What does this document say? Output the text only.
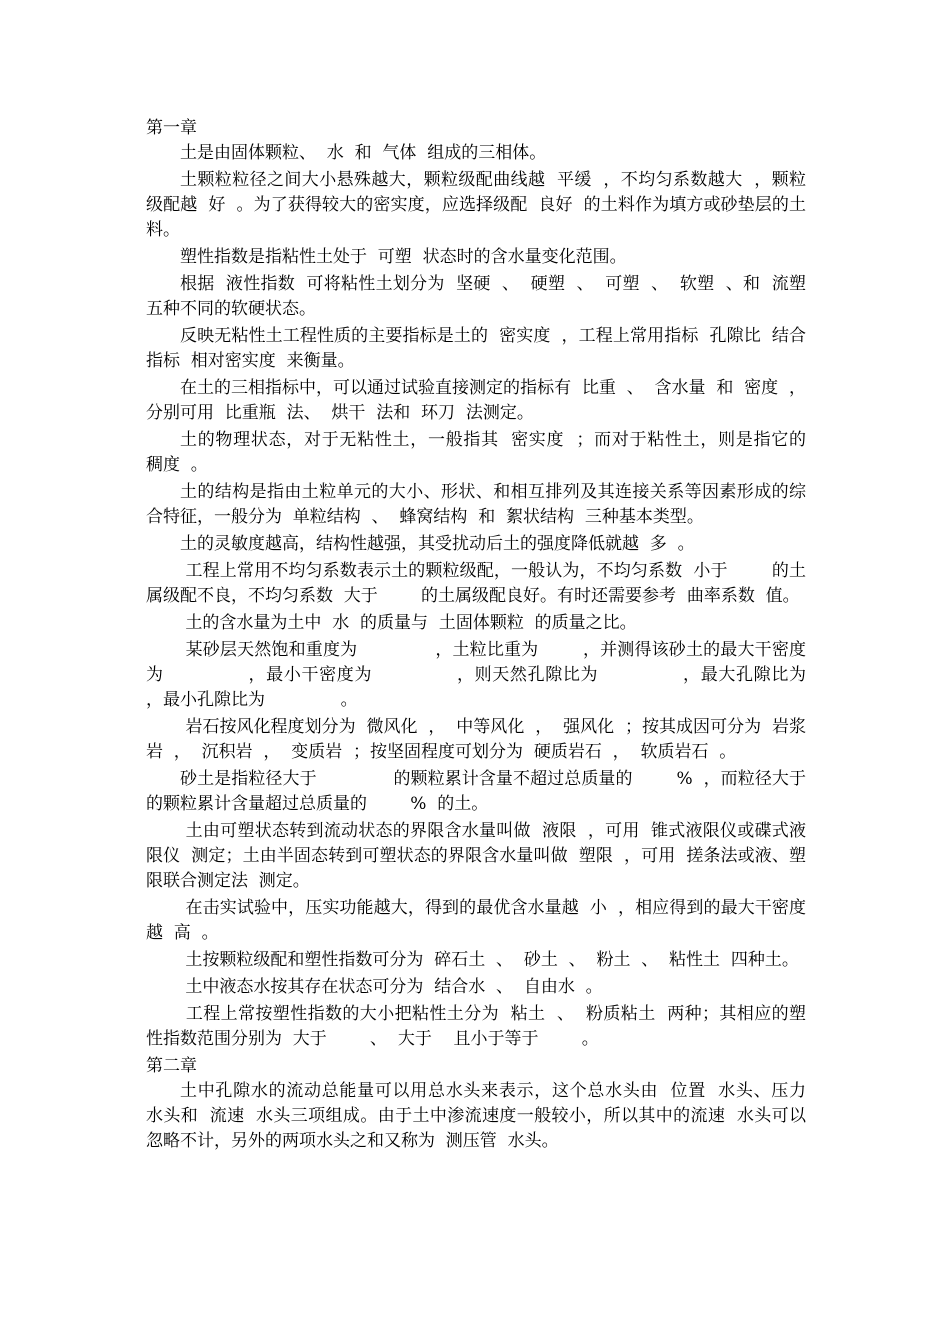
第一章

土是由固体颗粒、  水  和  气体  组成的三相体。

土颗粒粒径之间大小悬殊越大，颗粒级配曲线越  平缓  ，不均匀系数越大  ，颗粒级配越  好  。为了获得较大的密实度，应选择级配  良好  的土料作为填方或砂垫层的土料。

塑性指数是指粘性土处于  可塑  状态时的含水量变化范围。

根据  液性指数  可将粘性土划分为  坚硬  、  硬塑  、  可塑  、  软塑  、和  流塑  五种不同的软硬状态。

反映无粘性土工程性质的主要指标是土的  密实度  ，工程上常用指标  孔隙比  结合指标  相对密实度  来衡量。

在土的三相指标中，可以通过试验直接测定的指标有  比重  、  含水量  和  密度  ，分别可用  比重瓶  法、  烘干  法和  环刀  法测定。

土的物理状态，对于无粘性土，一般指其  密实度  ；而对于粘性土，则是指它的  稠度  。

土的结构是指由土粒单元的大小、形状、和相互排列及其连接关系等因素形成的综合特征，一般分为  单粒结构  、  蜂窝结构  和  絮状结构  三种基本类型。

土的灵敏度越高，结构性越强，其受扰动后土的强度降低就越  多  。

工程上常用不均匀系数表示土的颗粒级配，一般认为，不均匀系数  小于        的土属级配不良，不均匀系数  大于        的土属级配良好。有时还需要参考  曲率系数  值。

土的含水量为土中  水  的质量与  土固体颗粒  的质量之比。

某砂层天然饱和重度为              ，土粒比重为        ，并测得该砂土的最大干密度为              ，最小干密度为              ，则天然孔隙比为              ，最大孔隙比为              ，最小孔隙比为              。

岩石按风化程度划分为  微风化  ，  中等风化  ，  强风化  ；按其成因可分为  岩浆岩  ，  沉积岩  ，  变质岩  ；按坚固程度可划分为  硬质岩石  ，  软质岩石  。

砂土是指粒径大于              的颗粒累计含量不超过总质量的        %  ，而粒径大于                    的颗粒累计含量超过总质量的        %  的土。

土由可塑状态转到流动状态的界限含水量叫做  液限  ，可用  锥式液限仪或碟式液限仪  测定；土由半固态转到可塑状态的界限含水量叫做  塑限  ，可用  搓条法或液、塑限联合测定法  测定。

在击实试验中，压实功能越大，得到的最优含水量越  小  ，相应得到的最大干密度越  高  。

土按颗粒级配和塑性指数可分为  碎石土  、  砂土  、  粉土  、  粘性土  四种土。

土中液态水按其存在状态可分为  结合水  、  自由水  。

工程上常按塑性指数的大小把粘性土分为  粘土  、  粉质粘土  两种；其相应的塑性指数范围分别为  大于        、  大于    且小于等于        。

第二章

土中孔隙水的流动总能量可以用总水头来表示，这个总水头由  位置  水头、压力  水头和  流速  水头三项组成。由于土中渗流速度一般较小，所以其中的流速  水头可以忽略不计，另外的两项水头之和又称为  测压管  水头。
